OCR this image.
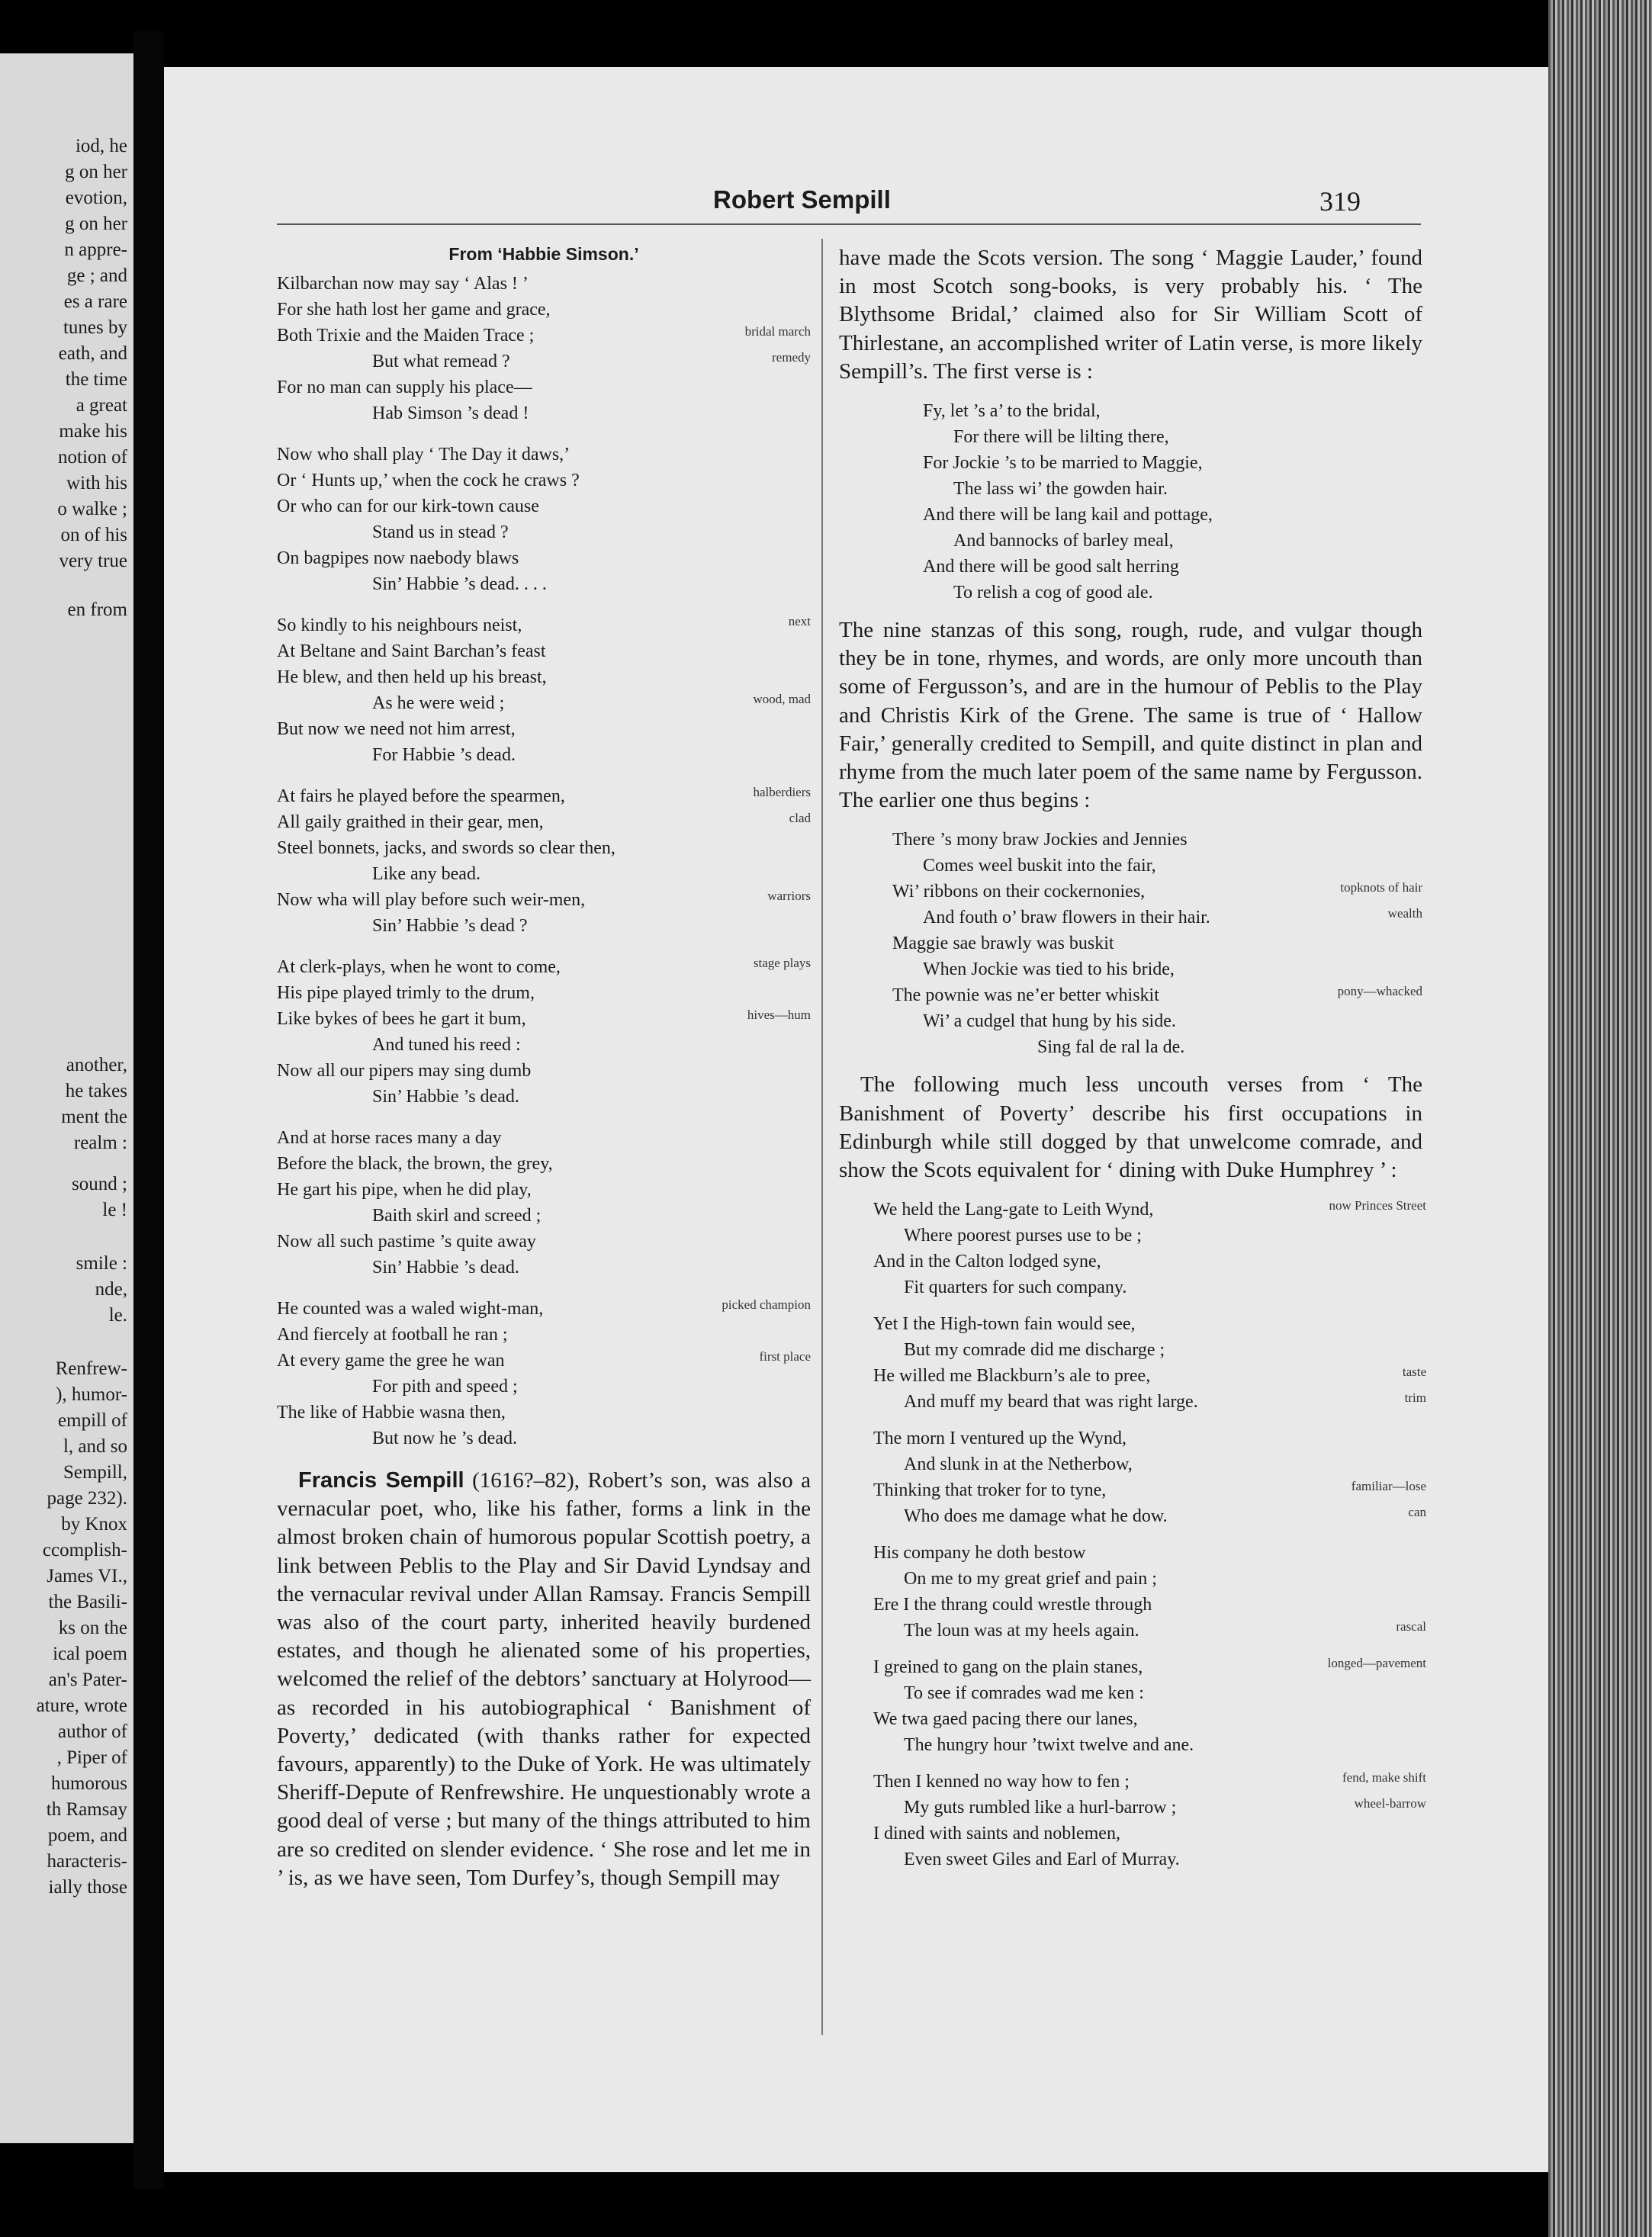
iod, he
g on her
evotion,
g on her
n appre-
ge ; and
es a rare
tunes by
eath, and
the time
a great
make his
notion of
with his
o walke ;
on of his
very true
en from
another,
he takes
ment the
realm :
sound ;
le !
smile :
nde,
le.
Renfrew-
), humor-
empill of
l, and so
Sempill,
page 232).
by Knox
ccomplish-
James VI.,
the Basili-
ks on the
ical poem
an's Pater-
ature, wrote
author of
, Piper of
humorous
th Ramsay
poem, and
haracteris-
ially those
Robert Sempill	319
From ‘Habbie Simson.’
Kilbarchan now may say ‘ Alas ! ’
For she hath lost her game and grace,
Both Trixie and the Maiden Trace ;	bridal march
But what remead ?	remedy
For no man can supply his place—
Hab Simson ’s dead !
Now who shall play ‘ The Day it daws,’
Or ‘ Hunts up,’ when the cock he craws ?
Or who can for our kirk-town cause
Stand us in stead ?
On bagpipes now naebody blaws
Sin’ Habbie ’s dead. . . .
So kindly to his neighbours neist,	next
At Beltane and Saint Barchan’s feast
He blew, and then held up his breast,
As he were weid ;	wood, mad
But now we need not him arrest,
For Habbie ’s dead.
At fairs he played before the spearmen,	halberdiers
All gaily graithed in their gear, men,	clad
Steel bonnets, jacks, and swords so clear then,
Like any bead.
Now wha will play before such weir-men,	warriors
Sin’ Habbie ’s dead ?
At clerk-plays, when he wont to come,	stage plays
His pipe played trimly to the drum,
Like bykes of bees he gart it bum,	hives—hum
And tuned his reed :
Now all our pipers may sing dumb
Sin’ Habbie ’s dead.
And at horse races many a day
Before the black, the brown, the grey,
He gart his pipe, when he did play,
Baith skirl and screed ;
Now all such pastime ’s quite away
Sin’ Habbie ’s dead.
He counted was a waled wight-man,	picked champion
And fiercely at football he ran ;
At every game the gree he wan	first place
For pith and speed ;
The like of Habbie wasna then,
But now he ’s dead.

Francis Sempill (1616?–82), Robert’s son, was also a vernacular poet, who, like his father, forms a link in the almost broken chain of humorous popular Scottish poetry, a link between Peblis to the Play and Sir David Lyndsay and the vernacular revival under Allan Ramsay. Francis Sempill was also of the court party, inherited heavily burdened estates, and though he alienated some of his properties, welcomed the relief of the debtors’ sanctuary at Holyrood—as recorded in his autobiographical ‘ Banishment of Poverty,’ dedicated (with thanks rather for expected favours, apparently) to the Duke of York. He was ultimately Sheriff-Depute of Renfrewshire. He unquestionably wrote a good deal of verse ; but many of the things attributed to him are so credited on slender evidence. ‘ She rose and let me in ’ is, as we have seen, Tom Durfey’s, though Sempill may

have made the Scots version. The song ‘ Maggie Lauder,’ found in most Scotch song-books, is very probably his. ‘ The Blythsome Bridal,’ claimed also for Sir William Scott of Thirlestane, an accomplished writer of Latin verse, is more likely Sempill’s. The first verse is :

Fy, let ’s a’ to the bridal,
For there will be lilting there,
For Jockie ’s to be married to Maggie,
The lass wi’ the gowden hair.
And there will be lang kail and pottage,
And bannocks of barley meal,
And there will be good salt herring
To relish a cog of good ale.

The nine stanzas of this song, rough, rude, and vulgar though they be in tone, rhymes, and words, are only more uncouth than some of Fergusson’s, and are in the humour of Peblis to the Play and Christis Kirk of the Grene. The same is true of ‘ Hallow Fair,’ generally credited to Sempill, and quite distinct in plan and rhyme from the much later poem of the same name by Fergusson. The earlier one thus begins :

There ’s mony braw Jockies and Jennies
Comes weel buskit into the fair,
Wi’ ribbons on their cockernonies,	topknots of hair
And fouth o’ braw flowers in their hair.	wealth
Maggie sae brawly was buskit
When Jockie was tied to his bride,
The pownie was ne’er better whiskit	pony—whacked
Wi’ a cudgel that hung by his side.
Sing fal de ral la de.

The following much less uncouth verses from ‘ The Banishment of Poverty’ describe his first occupations in Edinburgh while still dogged by that unwelcome comrade, and show the Scots equivalent for ‘ dining with Duke Humphrey ’ :

We held the Lang-gate to Leith Wynd,	now Princes Street
Where poorest purses use to be ;
And in the Calton lodged syne,
Fit quarters for such company.
Yet I the High-town fain would see,
But my comrade did me discharge ;
He willed me Blackburn’s ale to pree,	taste
And muff my beard that was right large.	trim
The morn I ventured up the Wynd,
And slunk in at the Netherbow,
Thinking that troker for to tyne,	familiar—lose
Who does me damage what he dow.	can
His company he doth bestow
On me to my great grief and pain ;
Ere I the thrang could wrestle through
The loun was at my heels again.	rascal
I greined to gang on the plain stanes,	longed—pavement
To see if comrades wad me ken :
We twa gaed pacing there our lanes,
The hungry hour ’twixt twelve and ane.
Then I kenned no way how to fen ;	fend, make shift
My guts rumbled like a hurl-barrow ;	wheel-barrow
I dined with saints and noblemen,
Even sweet Giles and Earl of Murray.
